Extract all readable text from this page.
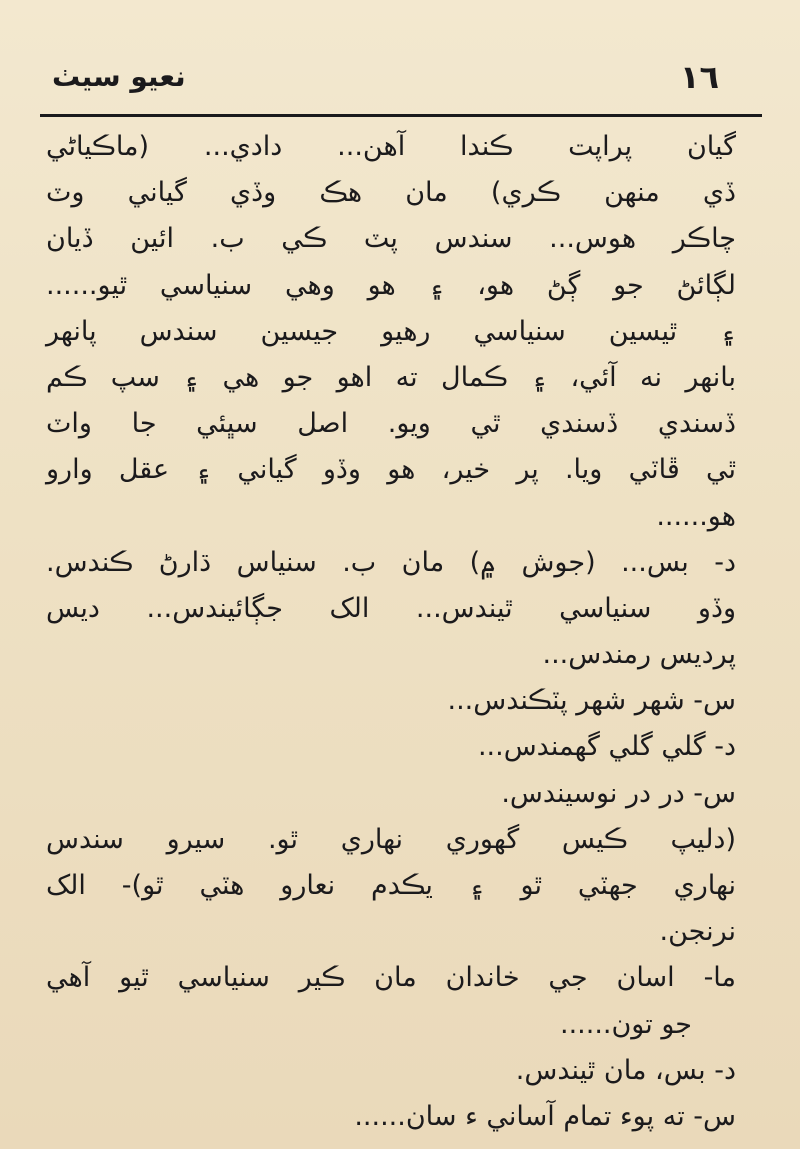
١٦
نعيو سيٺ
گيان پراپت ڪندا آهن... دادي... (ماڪياڻي
ڏي منهن ڪري) مان هڪ وڏي گياني وٽ
چاڪر هوس... سندس پٽ ڪي ب. ائين ڏيان
لڳائڻ جو ڳڻ هو، ۽ هو وهي سنياسي ٿيو......
۽ ٿيسين سنياسي رهيو جيسين سندس پانهر
بانهر نه آئي، ۽ ڪمال ته اهو جو هي ۽ سپ ڪم
ڏسندي ڏسندي ٿي ويو. اصل سڀئي جا واٽ
ٿي ڦاٽي ويا. پر خير، هو وڏو گياني ۽ عقل وارو
هو......
د- بس... (جوش ۾) مان ب. سنياس ڌارڻ ڪندس.
وڏو سنياسي ٿيندس... الک جڳائيندس... ديس
پرديس رمندس...
س- شهر شهر پٽڪندس...
د- گلي گلي گهمندس...
س- در در نوسيندس.
(دليپ ڪيس گهوري نهاري ٿو. سيرو سندس
نهاري جهٽي ٿو ۽ يڪدم نعارو هٽي ٿو)- الک
نرنجن.
ما- اسان جي خاندان مان ڪير سنياسي ٿيو آهي
جو تون......
د- بس، مان ٿيندس.
س- ته پوء تمام آساني ء سان......
